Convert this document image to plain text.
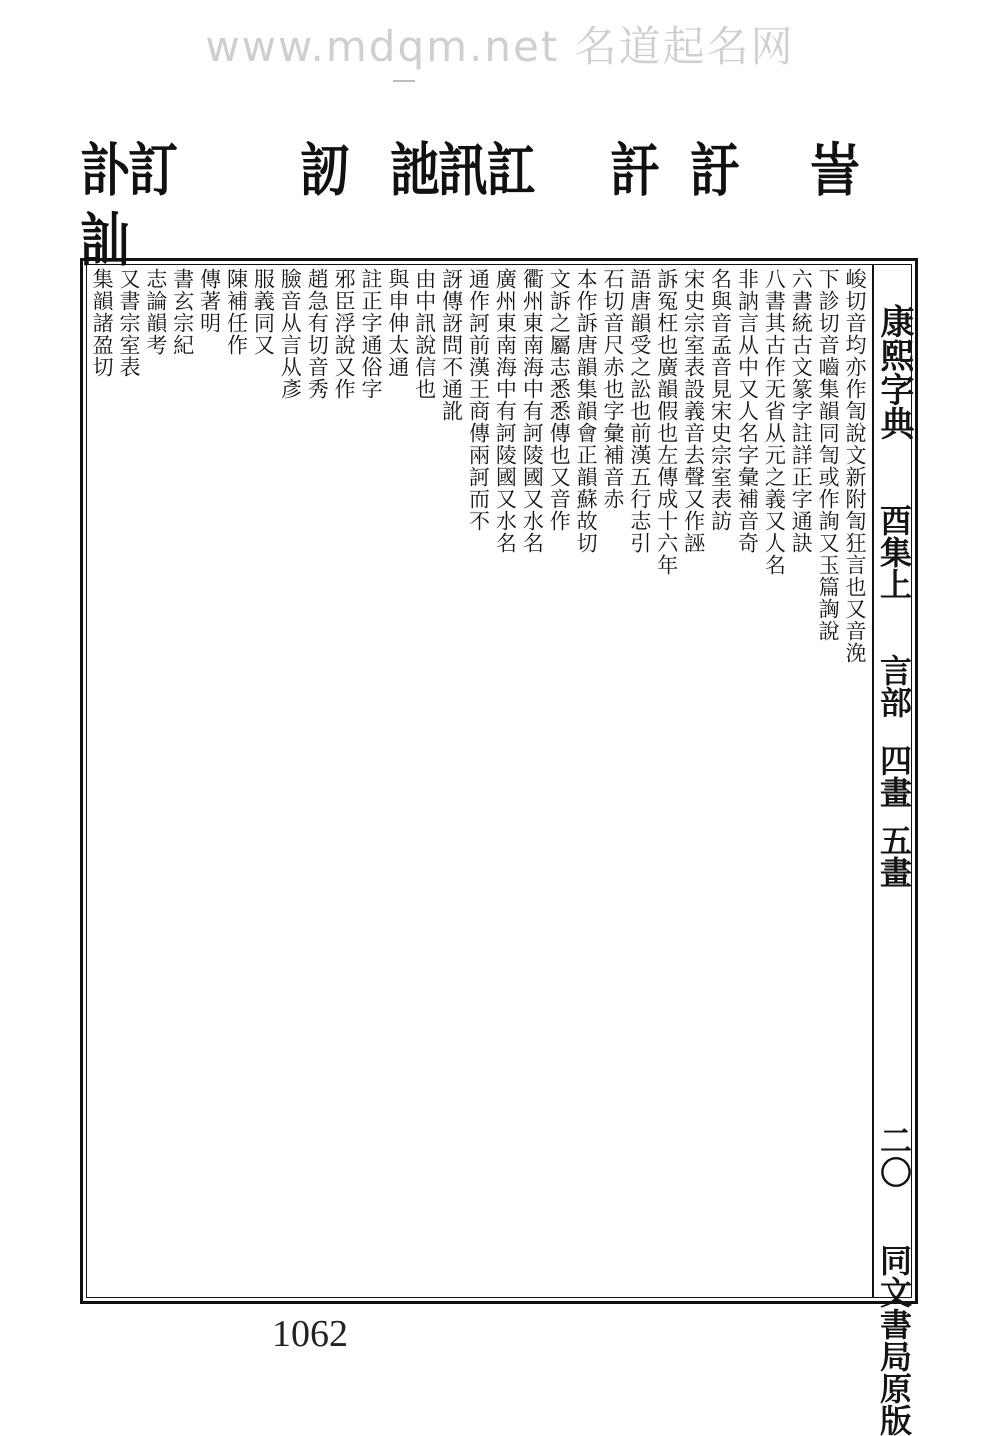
www.mdqm.net 名道起名网
訃訂 訒 訑訊訌 訐 訏 訔
訕
康熙字典
酉集上
言部
四畫
五畫
二〇
同文書局原版
峻切音均亦作訇說文新附訇狂言也又音浼
下診切音嚙集韻同訇或作詢又玉篇詾說
六書統古文篆字註詳正字通訣
八書其古作无省从元之義又人名
非訥言从中又人名字彙補音奇
名與音孟音見宋史宗室表訪
宋史宗室表設義音去聲又作誣
訴冤枉也廣韻假也左傳成十六年
語唐韻受之訟也前漢五行志引
石切音尺赤也字彙補音赤
本作訴唐韻集韻會正韻蘇故切
文訴之屬志悉悉傳也又音作
衢州東南海中有訶陵國又水名
廣州東南海中有訶陵國又水名
通作訶前漢王商傳兩訶而不
訝傳訝問不通訛
由中訊說信也
與申伸太通
註正字通俗字
邪臣浮說又作
趙急有切音秀
臉音从言从彥
服義同又
陳補任作
傳著明
書玄宗紀
志論韻考
又書宗室表
集韻諸盈切
1062
